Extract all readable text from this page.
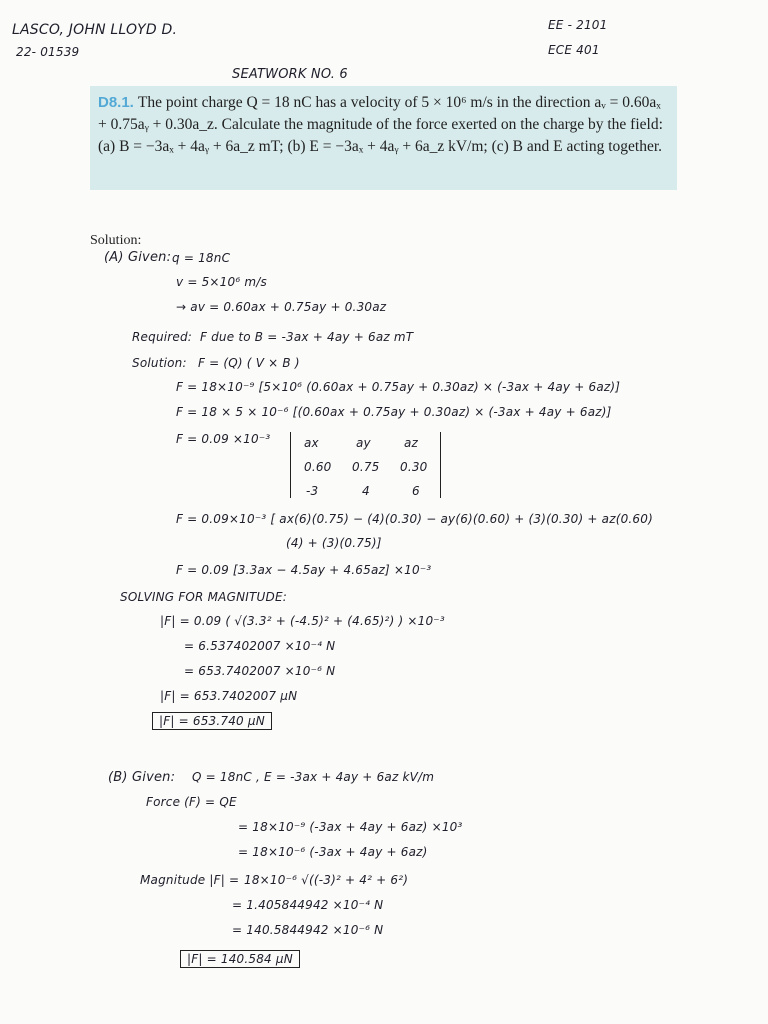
LASCO, JOHN LLOYD D.
22- 01539
EE - 2101
ECE 401
SEATWORK NO. 6
D8.1. The point charge Q = 18 nC has a velocity of 5 × 10⁶ m/s in the direction aᵥ = 0.60aₓ + 0.75aᵧ + 0.30a_z. Calculate the magnitude of the force exerted on the charge by the field: (a) B = −3aₓ + 4aᵧ + 6a_z mT; (b) E = −3aₓ + 4aᵧ + 6a_z kV/m; (c) B and E acting together.
Solution:
(A) Given: q = 18nC
v = 5×10⁶ m/s
→ av = 0.60ax + 0.75ay + 0.30az
Required: F due to B = -3ax + 4ay + 6az mT
Solution: F = (Q) ( V × B )
F = 18×10⁻⁹ [5×10⁶ (0.60ax + 0.75ay + 0.30az) × (-3ax + 4ay + 6az)]
F = 18 × 5 × 10⁻⁶ [(0.60ax + 0.75ay + 0.30az) × (-3ax + 4ay + 6az)]
F = 0.09 ×10⁻³	ax	ay	az
0.60 0.75 0.30
-3	4	6
F = 0.09×10⁻³ [ ax(6)(0.75) − (4)(0.30) − ay(6)(0.60) + (3)(0.30) + az(0.60)
(4) + (3)(0.75)]
F = 0.09 [3.3ax − 4.5ay + 4.65az] ×10⁻³
SOLVING FOR MAGNITUDE:
|F| = 0.09 ( √(3.3² + (-4.5)² + (4.65)²) ) ×10⁻³
= 6.537402007 ×10⁻⁴ N
= 653.7402007 ×10⁻⁶ N
|F| = 653.7402007 μN
|F| = 653.740 μN
(B) Given: Q = 18nC , E = -3ax + 4ay + 6az kV/m
Force (F) = QE
= 18×10⁻⁹ (-3ax + 4ay + 6az) ×10³
= 18×10⁻⁶ (-3ax + 4ay + 6az)
Magnitude |F| = 18×10⁻⁶ √((-3)² + 4² + 6²)
= 1.405844942 ×10⁻⁴ N
= 140.5844942 ×10⁻⁶ N
|F| = 140.584 μN
